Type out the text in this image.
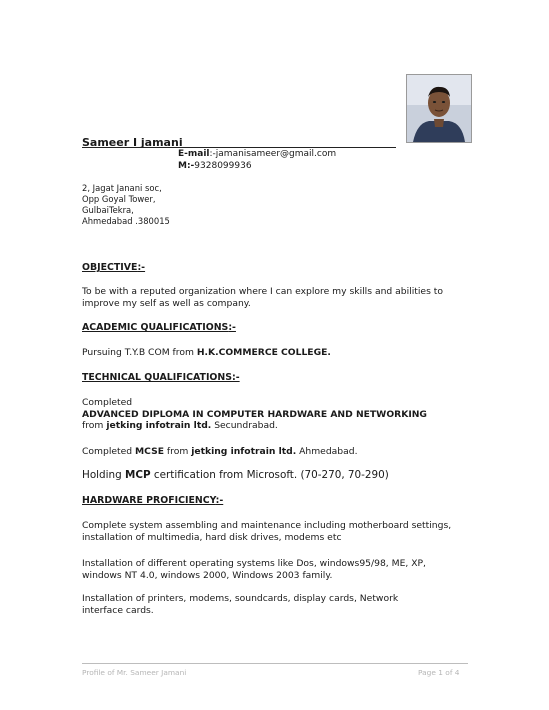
Sameer I jamani
E-mail:-jamanisameer@gmail.com
M:-9328099936
2, Jagat Janani soc,
Opp Goyal Tower,
GulbaiTekra,
Ahmedabad .380015
OBJECTIVE:-
To be with a reputed organization where I can explore my skills and abilities to improve my self as well as company.
ACADEMIC QUALIFICATIONS:-
Pursuing T.Y.B COM from H.K.COMMERCE COLLEGE.
TECHNICAL QUALIFICATIONS:-
Completed
ADVANCED DIPLOMA IN COMPUTER HARDWARE AND NETWORKING
from jetking infotrain ltd. Secundrabad.
Completed MCSE from jetking infotrain ltd. Ahmedabad.
Holding MCP certification from Microsoft. (70-270, 70-290)
HARDWARE PROFICIENCY:-
Complete system assembling and maintenance including motherboard settings, installation of multimedia, hard disk drives, modems etc
Installation of different operating systems like Dos, windows95/98, ME, XP, windows NT 4.0, windows 2000, Windows 2003 family.
Installation of printers, modems, soundcards, display cards, Network interface cards.
Profile of Mr. Sameer Jamani	Page 1 of 4
